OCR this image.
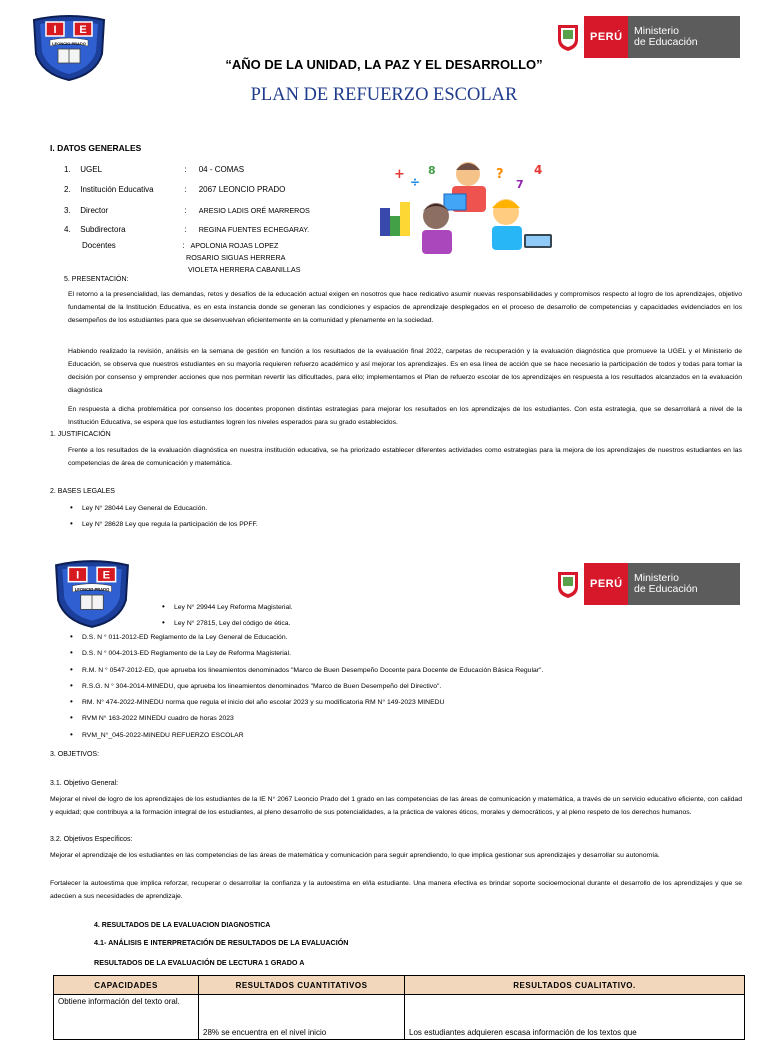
I E
LEONCIO PRADO
PERÚ	Ministerio
de Educación
“AÑO DE LA UNIDAD, LA PAZ Y EL DESARROLLO”
PLAN DE REFUERZO ESCOLAR
I. DATOS GENERALES
1. UGEL	: 04 - COMAS
2. Institución Educativa	: 2067 LEONCIO PRADO
3. Director	: ARESIO LADIS ORÉ MARRERОS
4. Subdirectora	: REGINA FUENTES ECHEGARAY.
Docentes	: APOLONIA ROJAS LOPEZ
ROSARIO SIGUAS HERRERA
VIOLETA HERRERA CABANILLAS
+ ÷
8	?
7
4
5. PRESENTACIÓN:
El retorno a la presencialidad, las demandas, retos y desafíos de la educación actual exigen en nosotros que hace redicativo asumir nuevas responsabilidades y compromisos respecto al logro de los aprendizajes, objetivo fundamental de la Institución Educativa, es en esta instancia donde se generan las condiciones y espacios de aprendizaje desplegados en el proceso de desarrollo de competencias y capacidades evidenciados en los desempeños de los estudiantes para que se desenvuelvan eficientemente en la comunidad y plenamente en la sociedad.
Habiendo realizado la revisión, análisis en la semana de gestión en función a los resultados de la evaluación final 2022, carpetas de recuperación y la evaluación diagnóstica que promueve la UGEL y el Ministerio de Educación, se observa que nuestros estudiantes en su mayoría requieren refuerzo académico y así mejorar los aprendizajes. Es en esa línea de acción que se hace necesario la participación de todos y todas para tomar la decisión por consenso y emprender acciones que nos permitan revertir las dificultades, para ello; implementamos el Plan de refuerzo escolar de los aprendizajes en respuesta a los resultados alcanzados en la evaluación diagnóstica
En respuesta a dicha problemática por consenso los docentes proponen distintas estrategias para mejorar los resultados en los aprendizajes de los estudiantes. Con esta estrategia, que se desarrollará a nivel de la Institución Educativa, se espera que los estudiantes logren los niveles esperados para su grado establecidos.
1. JUSTIFICACIÓN
Frente a los resultados de la evaluación diagnóstica en nuestra institución educativa, se ha priorizado establecer diferentes actividades como estrategias para la mejora de los aprendizajes de nuestros estudiantes en las competencias de área de comunicación y matemática.
2. BASES LEGALES
• Ley N° 28044 Ley General de Educación.
• Ley N° 28628 Ley que regula la participación de los PPFF.
I E
LEONCIO PRADO	PERÚ	Ministerio
de Educación
• Ley N° 29944 Ley Reforma Magisterial.
• Ley N° 27815, Ley del código de ética.
• D.S. N ° 011-2012-ED Reglamento de la Ley General de Educación.
• D.S. N ° 004-2013-ED Reglamento de la Ley de Reforma Magisterial.
• R.M. N ° 0547-2012-ED, que aprueba los lineamientos denominados "Marco de Buen Desempeño Docente para Docente de Educación Básica Regular".
• R.S.G. N ° 304-2014-MINEDU, que aprueba los lineamientos denominados "Marco de Buen Desempeño del Directivo".
• RM. N° 474-2022-MINEDU norma que regula el inicio del año escolar 2023 y su modificatoria RM N° 149-2023 MINEDU
• RVM N° 163-2022 MINEDU cuadro de horas 2023
• RVM_N°_045-2022-MINEDU REFUERZO ESCOLAR
3. OBJETIVOS:
3.1. Objetivo General:
Mejorar el nivel de logro de los aprendizajes de los estudiantes de la IE N° 2067 Leoncio Prado del 1 grado en las competencias de las áreas de comunicación y matemática, a través de un servicio educativo eficiente, con calidad y equidad; que contribuya a la formación integral de los estudiantes, al pleno desarrollo de sus potencialidades, a la práctica de valores éticos, morales y democráticos, y al pleno respeto de los derechos humanos.
3.2. Objetivos Específicos:
Mejorar el aprendizaje de los estudiantes en las competencias de las áreas de matemática y comunicación para seguir aprendiendo, lo que implica gestionar sus aprendizajes y desarrollar su autonomía.
Fortalecer la autoestima que implica reforzar, recuperar o desarrollar la confianza y la autoestima en el/la estudiante. Una manera efectiva es brindar soporte socioemocional durante el desarrollo de los aprendizajes y que se adecúen a sus necesidades de aprendizaje.
4. RESULTADOS DE LA EVALUACION DIAGNOSTICA
4.1- ANÁLISIS E INTERPRETACIÓN DE RESULTADOS DE LA EVALUACIÓN
RESULTADOS DE LA EVALUACIÓN DE LECTURA 1 GRADO A
CAPACIDADES	RESULTADOS CUANTITATIVOS	RESULTADOS CUALITATIVO.
Obtiene información del texto oral.	28% se encuentra en el nivel inicio	Los estudiantes adquieren escasa información de los textos que
